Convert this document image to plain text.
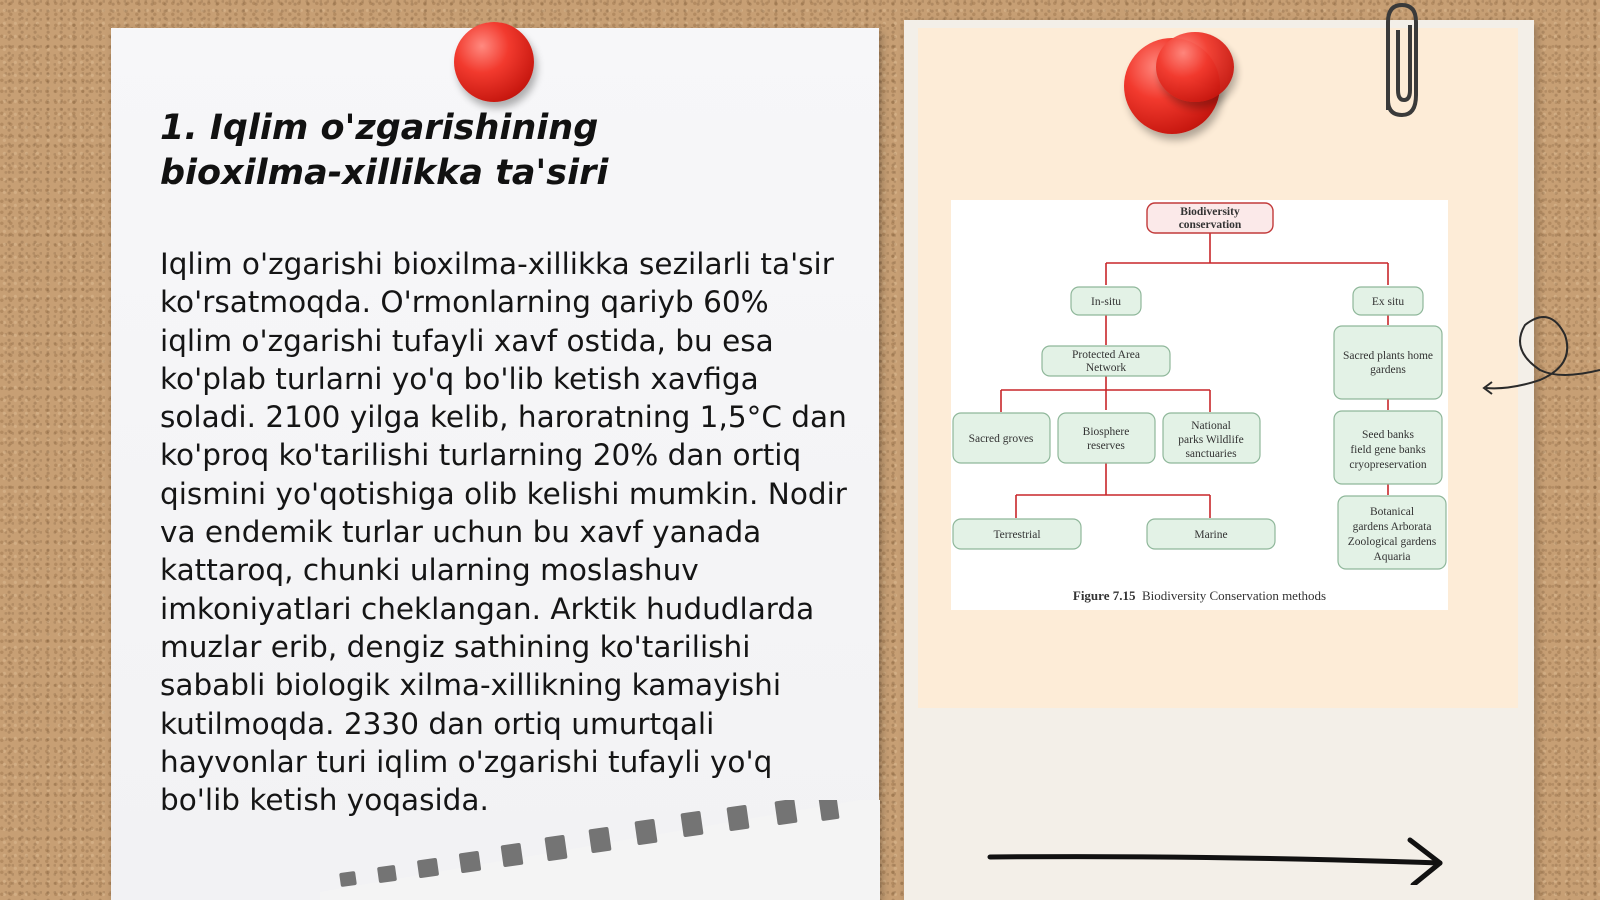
1. Iqlim o'zgarishining bioxilma-xillikka ta'siri

Iqlim o'zgarishi bioxilma-xillikka sezilarli ta'sir ko'rsatmoqda. O'rmonlarning qariyb 60% iqlim o'zgarishi tufayli xavf ostida, bu esa ko'plab turlarni yo'q bo'lib ketish xavfiga soladi. 2100 yilga kelib, haroratning 1,5°C dan ko'proq ko'tarilishi turlarning 20% dan ortiq qismini yo'qotishiga olib kelishi mumkin. Nodir va endemik turlar uchun bu xavf yanada kattaroq, chunki ularning moslashuv imkoniyatlari cheklangan. Arktik hududlarda muzlar erib, dengiz sathining ko'tarilishi sababli biologik xilma-xillikning kamayishi kutilmoqda. 2330 dan ortiq umurtqali hayvonlar turi iqlim o'zgarishi tufayli yo'q bo'lib ketish yoqasida.

Biodiversity
conservation
In-situ	Ex situ
Protected Area
Network
Sacred groves
Biosphere
reserves
National
parks Wildlife
sanctuaries
Terrestrial	Marine
Sacred plants home
gardens
Seed banks
field gene banks
cryopreservation
Botanical
gardens Arborata
Zoological gardens
Aquaria
Figure 7.15 Biodiversity Conservation methods
